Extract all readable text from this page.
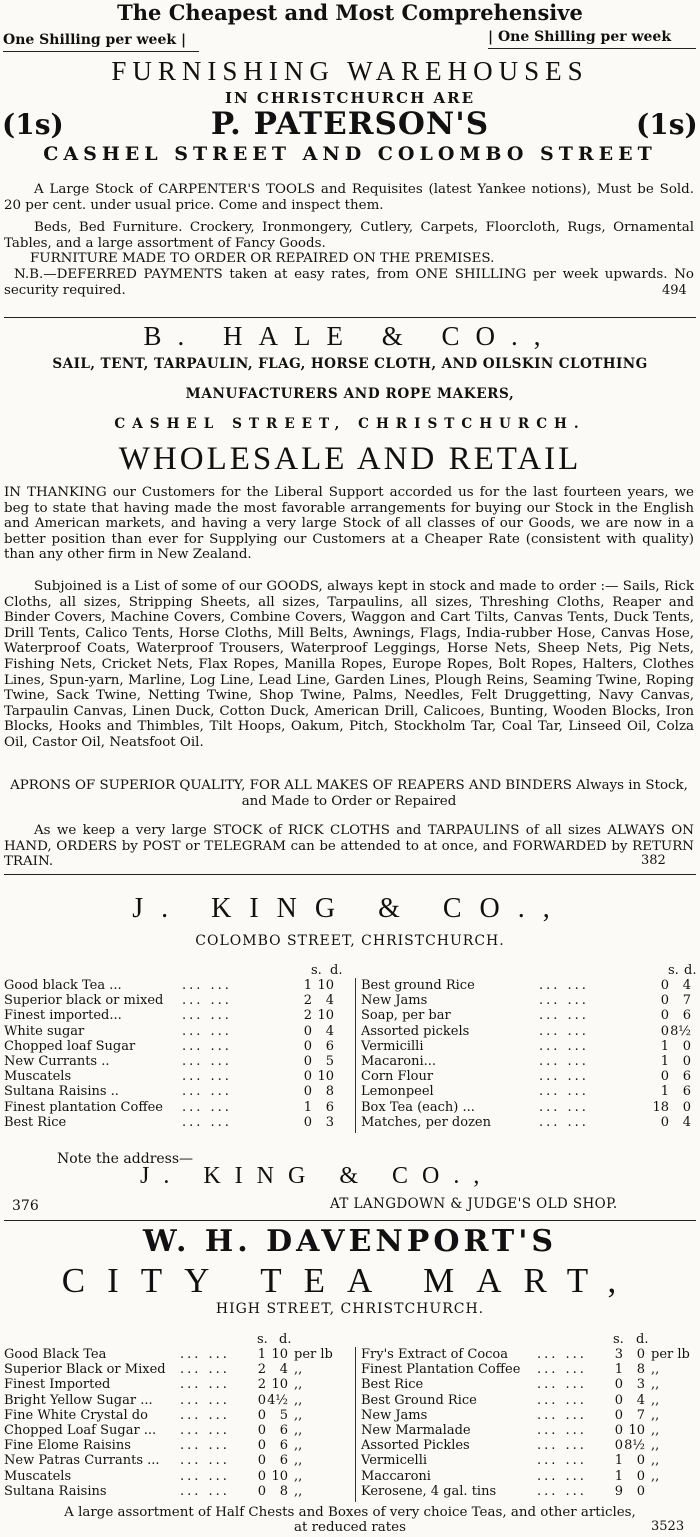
The Cheapest and Most Comprehensive
One Shilling per week |	| One Shilling per week
FURNISHING WAREHOUSES
IN CHRISTCHURCH ARE
(1s)	P. PATERSON'S	(1s)
CASHEL STREET AND COLOMBO STREET
A Large Stock of CARPENTER'S TOOLS and Requisites (latest Yankee notions), Must be Sold. 20 per cent. under usual price. Come and inspect them.
Beds, Bed Furniture. Crockery, Ironmongery, Cutlery, Carpets, Floorcloth, Rugs, Ornamental Tables, and a large assortment of Fancy Goods.
FURNITURE MADE TO ORDER OR REPAIRED ON THE PREMISES.
N.B.—DEFERRED PAYMENTS taken at easy rates, from ONE SHILLING per week upwards. No security required.	494
B. HALE & CO.,
SAIL, TENT, TARPAULIN, FLAG, HORSE CLOTH, AND OILSKIN CLOTHING
MANUFACTURERS AND ROPE MAKERS,
CASHEL STREET, CHRISTCHURCH.
WHOLESALE AND RETAIL
IN THANKING our Customers for the Liberal Support accorded us for the last fourteen years, we beg to state that having made the most favorable arrangements for buying our Stock in the English and American markets, and having a very large Stock of all classes of our Goods, we are now in a better position than ever for Supplying our Customers at a Cheaper Rate (consistent with quality) than any other firm in New Zealand.
Subjoined is a List of some of our GOODS, always kept in stock and made to order :— Sails, Rick Cloths, all sizes, Stripping Sheets, all sizes, Tarpaulins, all sizes, Threshing Cloths, Reaper and Binder Covers, Machine Covers, Combine Covers, Waggon and Cart Tilts, Canvas Tents, Duck Tents, Drill Tents, Calico Tents, Horse Cloths, Mill Belts, Awnings, Flags, India-rubber Hose, Canvas Hose, Waterproof Coats, Waterproof Trousers, Waterproof Leggings, Horse Nets, Sheep Nets, Pig Nets, Fishing Nets, Cricket Nets, Flax Ropes, Manilla Ropes, Europe Ropes, Bolt Ropes, Halters, Clothes Lines, Spun-yarn, Marline, Log Line, Lead Line, Garden Lines, Plough Reins, Seaming Twine, Roping Twine, Sack Twine, Netting Twine, Shop Twine, Palms, Needles, Felt Druggetting, Navy Canvas, Tarpaulin Canvas, Linen Duck, Cotton Duck, American Drill, Calicoes, Bunting, Wooden Blocks, Iron Blocks, Hooks and Thimbles, Tilt Hoops, Oakum, Pitch, Stockholm Tar, Coal Tar, Linseed Oil, Colza Oil, Castor Oil, Neatsfoot Oil.
APRONS OF SUPERIOR QUALITY, FOR ALL MAKES OF REAPERS AND BINDERS Always in Stock, and Made to Order or Repaired
As we keep a very large STOCK of RICK CLOTHS and TARPAULINS of all sizes ALWAYS ON HAND, ORDERS by POST or TELEGRAM can be attended to at once, and FORWARDED by RETURN TRAIN.	382
J. KING & CO.,
COLOMBO STREET, CHRISTCHURCH.
s. d.	s. d.
Good black Tea ...	... ...	1 10
Superior black or mixed	... ...	2	4
Finest imported...	... ...	2 10
White sugar	... ...	0	4
Chopped loaf Sugar	... ...	0	6
New Currants ..	... ...	0	5
Muscatels	... ...	0 10
Sultana Raisins ..	... ...	0	8
Finest plantation Coffee	... ...	1	6
Best Rice	... ...	0	3
Best ground Rice	... ...	0	4
New Jams	... ...	0	7
Soap, per bar	... ...	0	6
Assorted pickels	... ...	0 8½
Vermicilli	... ...	1	0
Macaroni...	... ...	1	0
Corn Flour	... ...	0	6
Lemonpeel	... ...	1	6
Box Tea (each) ...	... ...	18	0
Matches, per dozen	... ...	0	4
Note the address—
J. KING & CO.,
376	AT LANGDOWN & JUDGE'S OLD SHOP.
W. H. DAVENPORT'S
CITY TEA MART,
HIGH STREET, CHRISTCHURCH.
s. d.	s. d.
Good Black Tea	... ...	1 10 per lb
Superior Black or Mixed	... ...	2	4 ,,
Finest Imported	... ...	2 10 ,,
Bright Yellow Sugar ...	... ...	0 4½ ,,
Fine White Crystal do	... ...	0	5 ,,
Chopped Loaf Sugar ...	... ...	0	6 ,,
Fine Elome Raisins	... ...	0	6 ,,
New Patras Currants ...	... ...	0	6 ,,
Muscatels	... ...	0 10 ,,
Sultana Raisins	... ...	0	8 ,,
Fry's Extract of Cocoa	... ...	3	0 per lb
Finest Plantation Coffee	... ...	1	8 ,,
Best Rice	... ...	0	3 ,,
Best Ground Rice	... ...	0	4 ,,
New Jams	... ...	0	7 ,,
New Marmalade	... ...	0 10 ,,
Assorted Pickles	... ...	0 8½ ,,
Vermicelli	... ...	1	0 ,,
Maccaroni	... ...	1	0 ,,
Kerosene, 4 gal. tins	... ...	9	0
A large assortment of Half Chests and Boxes of very choice Teas, and other articles,
at reduced rates	3523
